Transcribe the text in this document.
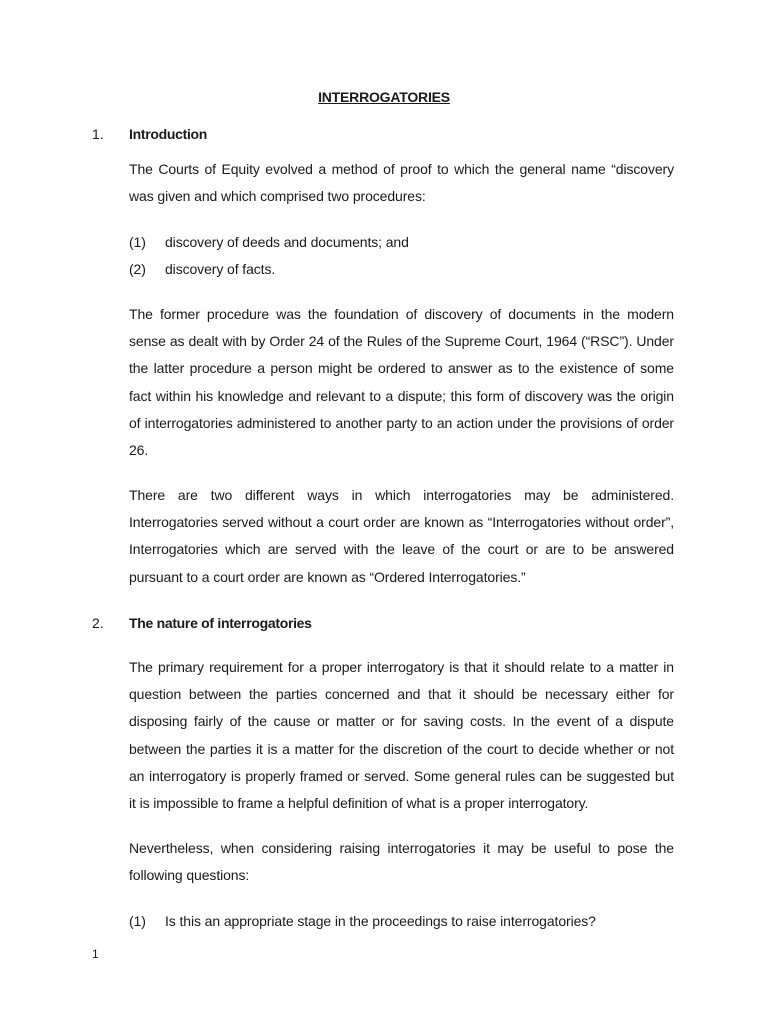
INTERROGATORIES
1. Introduction
The Courts of Equity evolved a method of proof to which the general name “discovery was given and which comprised two procedures:
(1) discovery of deeds and documents; and
(2) discovery of facts.
The former procedure was the foundation of discovery of documents in the modern sense as dealt with by Order 24 of the Rules of the Supreme Court, 1964 (“RSC”). Under the latter procedure a person might be ordered to answer as to the existence of some fact within his knowledge and relevant to a dispute; this form of discovery was the origin of interrogatories administered to another party to an action under the provisions of order 26.
There are two different ways in which interrogatories may be administered. Interrogatories served without a court order are known as “Interrogatories without order”, Interrogatories which are served with the leave of the court or are to be answered pursuant to a court order are known as “Ordered Interrogatories.”
2. The nature of interrogatories
The primary requirement for a proper interrogatory is that it should relate to a matter in question between the parties concerned and that it should be necessary either for disposing fairly of the cause or matter or for saving costs. In the event of a dispute between the parties it is a matter for the discretion of the court to decide whether or not an interrogatory is properly framed or served. Some general rules can be suggested but it is impossible to frame a helpful definition of what is a proper interrogatory.
Nevertheless, when considering raising interrogatories it may be useful to pose the following questions:
(1) Is this an appropriate stage in the proceedings to raise interrogatories?
1
